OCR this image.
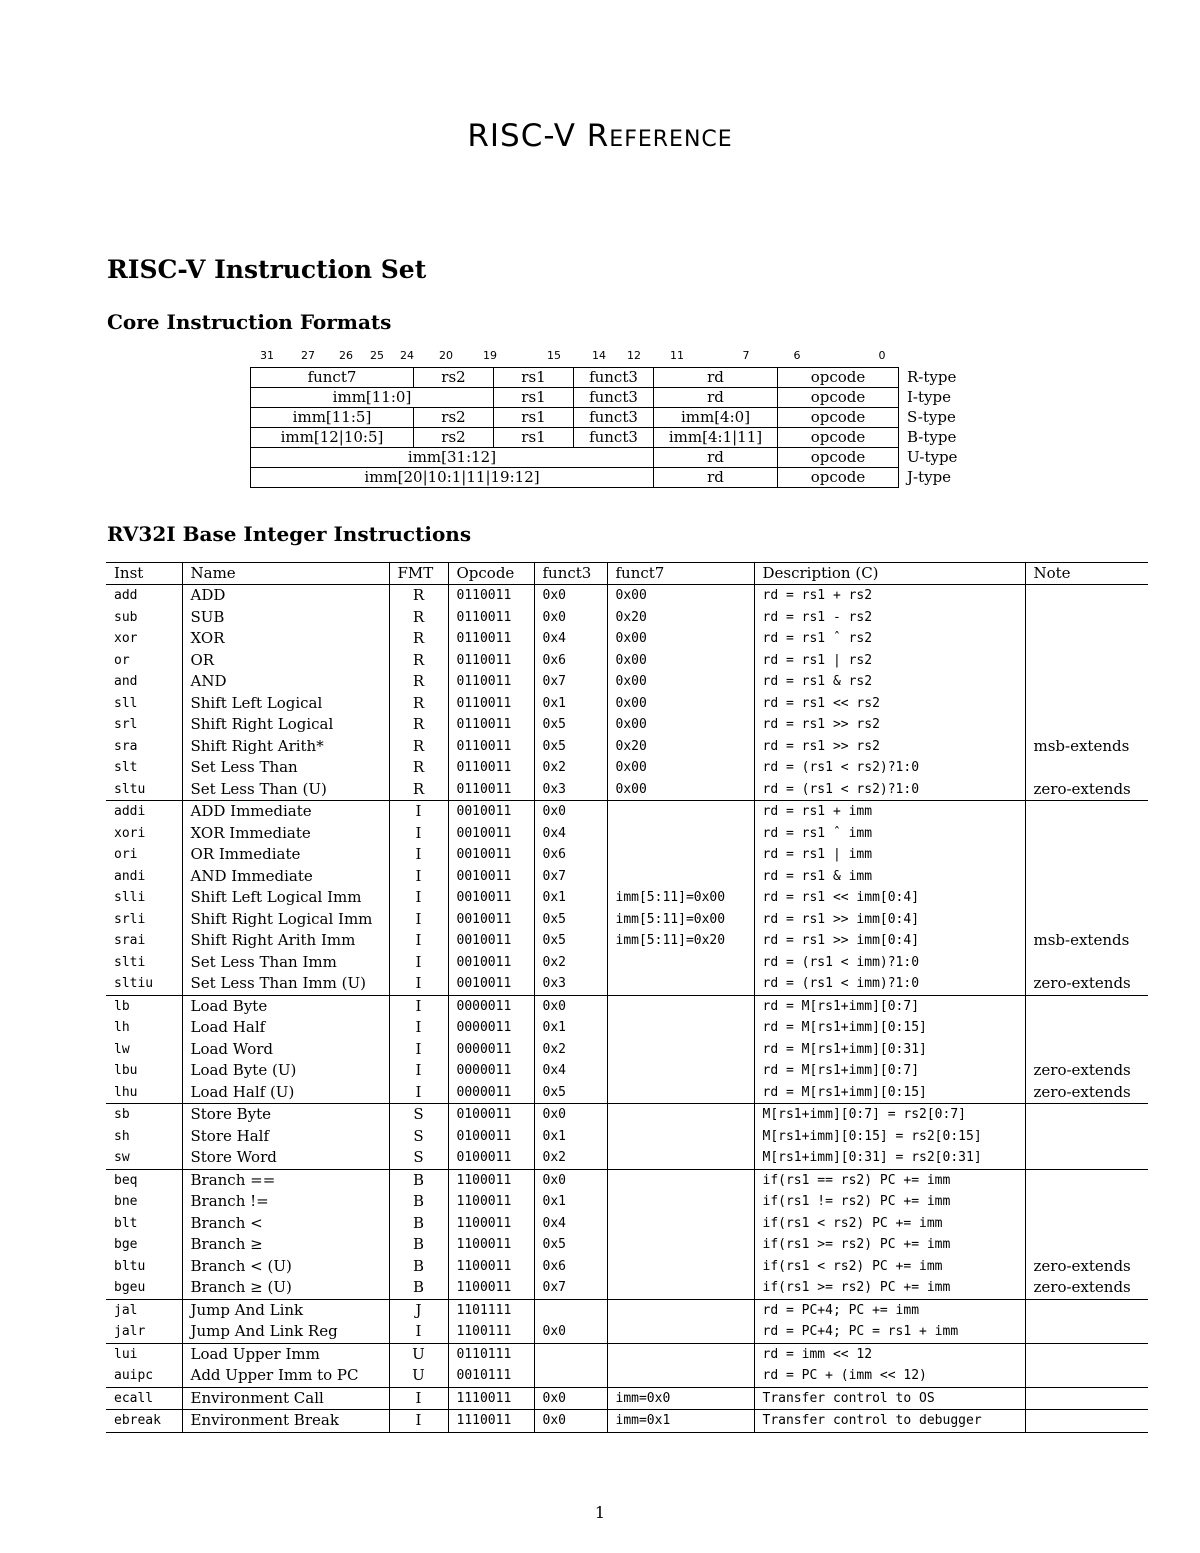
RISC-V Reference
RISC-V Instruction Set
Core Instruction Formats
31 27 26 25 24 20	19	15	14 12	11	7	6	0
funct7	rs2	rs1	funct3	rd	opcode	R-type
imm[11:0]		rs1	funct3	rd	opcode	I-type
imm[11:5]	rs2	rs1	funct3	imm[4:0]	opcode	S-type
imm[12|10:5]	rs2	rs1	funct3	imm[4:1|11]	opcode	B-type
imm[31:12]				rd	opcode	U-type
imm[20|10:1|11|19:12]				rd	opcode	J-type
RV32I Base Integer Instructions
Inst	Name	FMT	Opcode	funct3	funct7	Description (C)	Note
add	ADD	R	0110011	0x0	0x00	rd = rs1 + rs2	
sub	SUB	R	0110011	0x0	0x20	rd = rs1 - rs2	
xor	XOR	R	0110011	0x4	0x00	rd = rs1 ˆ rs2	
or	OR	R	0110011	0x6	0x00	rd = rs1 | rs2	
and	AND	R	0110011	0x7	0x00	rd = rs1 & rs2	
sll	Shift Left Logical	R	0110011	0x1	0x00	rd = rs1 << rs2	
srl	Shift Right Logical	R	0110011	0x5	0x00	rd = rs1 >> rs2	
sra	Shift Right Arith*	R	0110011	0x5	0x20	rd = rs1 >> rs2	msb-extends
slt	Set Less Than	R	0110011	0x2	0x00	rd = (rs1 < rs2)?1:0	
sltu	Set Less Than (U)	R	0110011	0x3	0x00	rd = (rs1 < rs2)?1:0	zero-extends
addi	ADD Immediate	I	0010011	0x0		rd = rs1 + imm	
xori	XOR Immediate	I	0010011	0x4		rd = rs1 ˆ imm	
ori	OR Immediate	I	0010011	0x6		rd = rs1 | imm	
andi	AND Immediate	I	0010011	0x7		rd = rs1 & imm	
slli	Shift Left Logical Imm	I	0010011	0x1	imm[5:11]=0x00	rd = rs1 << imm[0:4]	
srli	Shift Right Logical Imm	I	0010011	0x5	imm[5:11]=0x00	rd = rs1 >> imm[0:4]	
srai	Shift Right Arith Imm	I	0010011	0x5	imm[5:11]=0x20	rd = rs1 >> imm[0:4]	msb-extends
slti	Set Less Than Imm	I	0010011	0x2		rd = (rs1 < imm)?1:0	
sltiu	Set Less Than Imm (U)	I	0010011	0x3		rd = (rs1 < imm)?1:0	zero-extends
lb	Load Byte	I	0000011	0x0		rd = M[rs1+imm][0:7]	
lh	Load Half	I	0000011	0x1		rd = M[rs1+imm][0:15]	
lw	Load Word	I	0000011	0x2		rd = M[rs1+imm][0:31]	
lbu	Load Byte (U)	I	0000011	0x4		rd = M[rs1+imm][0:7]	zero-extends
lhu	Load Half (U)	I	0000011	0x5		rd = M[rs1+imm][0:15]	zero-extends
sb	Store Byte	S	0100011	0x0		M[rs1+imm][0:7] = rs2[0:7]	
sh	Store Half	S	0100011	0x1		M[rs1+imm][0:15] = rs2[0:15]	
sw	Store Word	S	0100011	0x2		M[rs1+imm][0:31] = rs2[0:31]	
beq	Branch ==	B	1100011	0x0		if(rs1 == rs2) PC += imm	
bne	Branch !=	B	1100011	0x1		if(rs1 != rs2) PC += imm	
blt	Branch <	B	1100011	0x4		if(rs1 < rs2) PC += imm	
bge	Branch ≥	B	1100011	0x5		if(rs1 >= rs2) PC += imm	
bltu	Branch < (U)	B	1100011	0x6		if(rs1 < rs2) PC += imm	zero-extends
bgeu	Branch ≥ (U)	B	1100011	0x7		if(rs1 >= rs2) PC += imm	zero-extends
jal	Jump And Link	J	1101111			rd = PC+4; PC += imm	
jalr	Jump And Link Reg	I	1100111	0x0		rd = PC+4; PC = rs1 + imm	
lui	Load Upper Imm	U	0110111			rd = imm << 12	
auipc	Add Upper Imm to PC	U	0010111			rd = PC + (imm << 12)	
ecall	Environment Call	I	1110011	0x0	imm=0x0	Transfer control to OS	
ebreak	Environment Break	I	1110011	0x0	imm=0x1	Transfer control to debugger	
1
